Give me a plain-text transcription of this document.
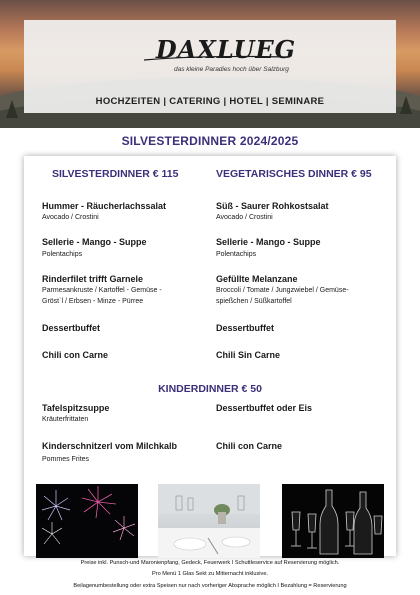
DAXLUEG
das kleine Paradies hoch über Salzburg
HOCHZEITEN | CATERING | HOTEL | SEMINARE
SILVESTERDINNER 2024/2025
SILVESTERDINNER € 115	VEGETARISCHES DINNER € 95
Hummer - Räucherlachssalat
Avocado / Crostini
Sellerie - Mango - Suppe
Polentachips
Rinderfilet trifft Garnele
Parmesankruste / Kartoffel - Gemüse -
Gröst`l / Erbsen - Minze - Pürree
Dessertbuffet
Chili con Carne
Süß - Saurer Rohkostsalat
Avocado / Crostini
Sellerie - Mango - Suppe
Polentachips
Gefüllte Melanzane
Broccoli / Tomate / Jungzwiebel / Gemüse-
spießchen / Süßkartoffel
Dessertbuffet
Chili Sin Carne
KINDERDINNER € 50
Tafelspitzsuppe
Kräuterfrittaten
Kinderschnitzerl vom Milchkalb
Pommes Frites
Dessertbuffet oder Eis
Chili con Carne
Preise inkl. Punsch-und Maronienpfang, Gedeck, Feuerwerk I Schuttleservice auf Reservierung möglich.
Pro Menü 1 Glas Sekt zu Mitternacht inklusive.
Beilagenumbestellung oder extra Speisen nur nach vorheriger Absprache möglich I Bezahlung = Reservierung
